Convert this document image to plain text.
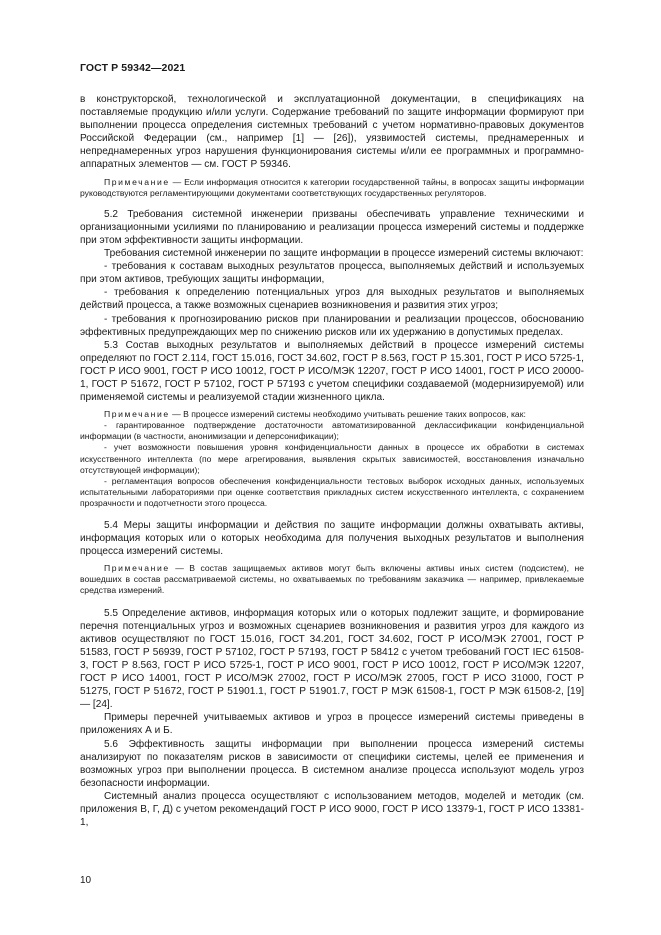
ГОСТ Р 59342—2021

в конструкторской, технологической и эксплуатационной документации, в спецификациях на поставляемые продукцию и/или услуги. Содержание требований по защите информации формируют при выполнении процесса определения системных требований с учетом нормативно-правовых документов Российской Федерации (см., например [1] — [26]), уязвимостей системы, преднамеренных и непреднамеренных угроз нарушения функционирования системы и/или ее программных и программно-аппаратных элементов — см. ГОСТ Р 59346.

Примечание — Если информация относится к категории государственной тайны, в вопросах защиты информации руководствуются регламентирующими документами соответствующих государственных регуляторов.

5.2 Требования системной инженерии призваны обеспечивать управление техническими и организационными усилиями по планированию и реализации процесса измерений системы и поддержке при этом эффективности защиты информации.

Требования системной инженерии по защите информации в процессе измерений системы включают:

- требования к составам выходных результатов процесса, выполняемых действий и используемых при этом активов, требующих защиты информации,

- требования к определению потенциальных угроз для выходных результатов и выполняемых действий процесса, а также возможных сценариев возникновения и развития этих угроз;

- требования к прогнозированию рисков при планировании и реализации процессов, обоснованию эффективных предупреждающих мер по снижению рисков или их удержанию в допустимых пределах.

5.3 Состав выходных результатов и выполняемых действий в процессе измерений системы определяют по ГОСТ 2.114, ГОСТ 15.016, ГОСТ 34.602, ГОСТ Р 8.563, ГОСТ Р 15.301, ГОСТ Р ИСО 5725-1, ГОСТ Р ИСО 9001, ГОСТ Р ИСО 10012, ГОСТ Р ИСО/МЭК 12207, ГОСТ Р ИСО 14001, ГОСТ Р ИСО 20000-1, ГОСТ Р 51672, ГОСТ Р 57102, ГОСТ Р 57193 с учетом специфики создаваемой (модернизируемой) или применяемой системы и реализуемой стадии жизненного цикла.

Примечание — В процессе измерений системы необходимо учитывать решение таких вопросов, как:

- гарантированное подтверждение достаточности автоматизированной деклассификации конфиденциальной информации (в частности, анонимизации и деперсонификации);

- учет возможности повышения уровня конфиденциальности данных в процессе их обработки в системах искусственного интеллекта (по мере агрегирования, выявления скрытых зависимостей, восстановления изначально отсутствующей информации);

- регламентация вопросов обеспечения конфиденциальности тестовых выборок исходных данных, используемых испытательными лабораториями при оценке соответствия прикладных систем искусственного интеллекта, с сохранением прозрачности и подотчетности этого процесса.

5.4 Меры защиты информации и действия по защите информации должны охватывать активы, информация которых или о которых необходима для получения выходных результатов и выполнения процесса измерений системы.

Примечание — В состав защищаемых активов могут быть включены активы иных систем (подсистем), не вошедших в состав рассматриваемой системы, но охватываемых по требованиям заказчика — например, привлекаемые средства измерений.

5.5 Определение активов, информация которых или о которых подлежит защите, и формирование перечня потенциальных угроз и возможных сценариев возникновения и развития угроз для каждого из активов осуществляют по ГОСТ 15.016, ГОСТ 34.201, ГОСТ 34.602, ГОСТ Р ИСО/МЭК 27001, ГОСТ Р 51583, ГОСТ Р 56939, ГОСТ Р 57102, ГОСТ Р 57193, ГОСТ Р 58412 с учетом требований ГОСТ IEC 61508-3, ГОСТ Р 8.563, ГОСТ Р ИСО 5725-1, ГОСТ Р ИСО 9001, ГОСТ Р ИСО 10012, ГОСТ Р ИСО/МЭК 12207, ГОСТ Р ИСО 14001, ГОСТ Р ИСО/МЭК 27002, ГОСТ Р ИСО/МЭК 27005, ГОСТ Р ИСО 31000, ГОСТ Р 51275, ГОСТ Р 51672, ГОСТ Р 51901.1, ГОСТ Р 51901.7, ГОСТ Р МЭК 61508-1, ГОСТ Р МЭК 61508-2, [19] — [24].

Примеры перечней учитываемых активов и угроз в процессе измерений системы приведены в приложениях А и Б.

5.6 Эффективность защиты информации при выполнении процесса измерений системы анализируют по показателям рисков в зависимости от специфики системы, целей ее применения и возможных угроз при выполнении процесса. В системном анализе процесса используют модель угроз безопасности информации.

Системный анализ процесса осуществляют с использованием методов, моделей и методик (см. приложения В, Г, Д) с учетом рекомендаций ГОСТ Р ИСО 9000, ГОСТ Р ИСО 13379-1, ГОСТ Р ИСО 13381-1,

10
